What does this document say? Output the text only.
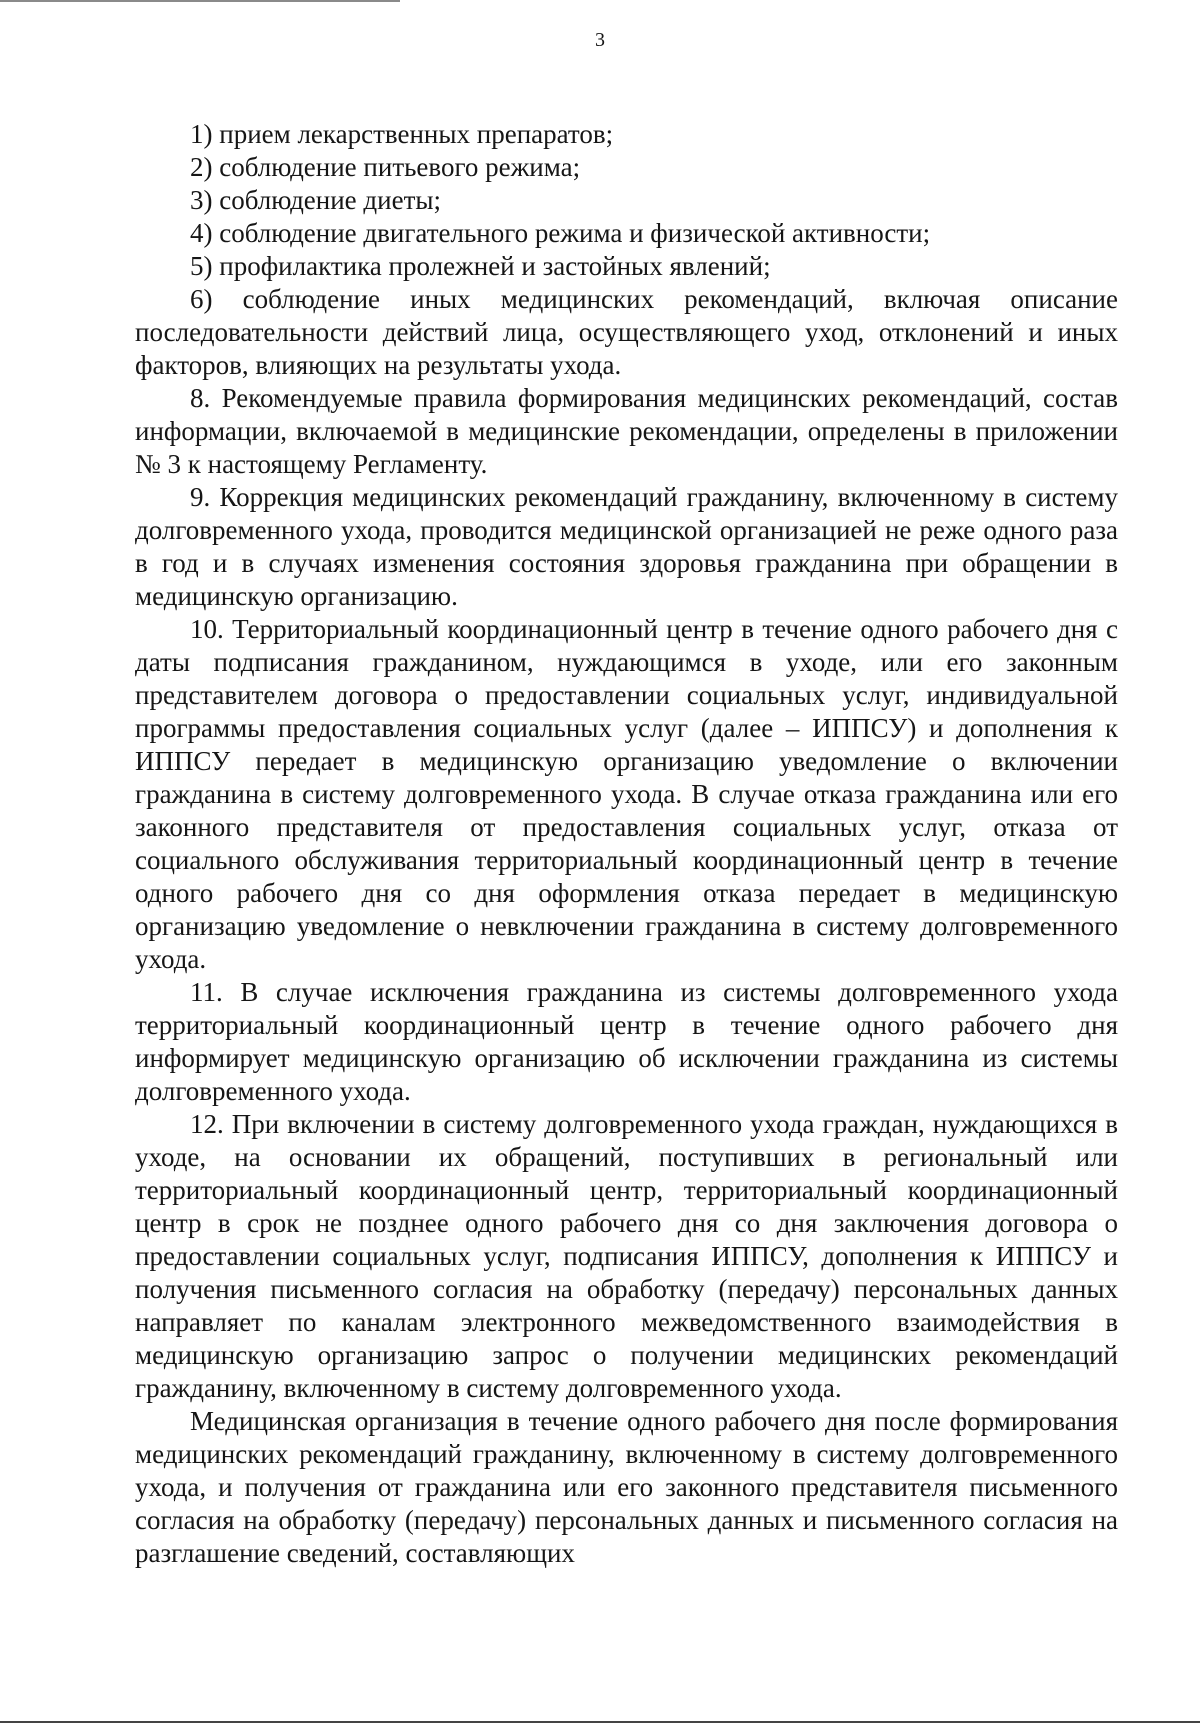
3

1) прием лекарственных препаратов;

2) соблюдение питьевого режима;

3) соблюдение диеты;

4) соблюдение двигательного режима и физической активности;

5) профилактика пролежней и застойных явлений;

6) соблюдение иных медицинских рекомендаций, включая описание последовательности действий лица, осуществляющего уход, отклонений и иных факторов, влияющих на результаты ухода.

8. Рекомендуемые правила формирования медицинских рекомендаций, состав информации, включаемой в медицинские рекомендации, определены в приложении № 3 к настоящему Регламенту.

9. Коррекция медицинских рекомендаций гражданину, включенному в систему долговременного ухода, проводится медицинской организацией не реже одного раза в год и в случаях изменения состояния здоровья гражданина при обращении в медицинскую организацию.

10. Территориальный координационный центр в течение одного рабочего дня с даты подписания гражданином, нуждающимся в уходе, или его законным представителем договора о предоставлении социальных услуг, индивидуальной программы предоставления социальных услуг (далее – ИППСУ) и дополнения к ИППСУ передает в медицинскую организацию уведомление о включении гражданина в систему долговременного ухода. В случае отказа гражданина или его законного представителя от предоставления социальных услуг, отказа от социального обслуживания территориальный координационный центр в течение одного рабочего дня со дня оформления отказа передает в медицинскую организацию уведомление о невключении гражданина в систему долговременного ухода.

11. В случае исключения гражданина из системы долговременного ухода территориальный координационный центр в течение одного рабочего дня информирует медицинскую организацию об исключении гражданина из системы долговременного ухода.

12. При включении в систему долговременного ухода граждан, нуждающихся в уходе, на основании их обращений, поступивших в региональный или территориальный координационный центр, территориальный координационный центр в срок не позднее одного рабочего дня со дня заключения договора о предоставлении социальных услуг, подписания ИППСУ, дополнения к ИППСУ и получения письменного согласия на обработку (передачу) персональных данных направляет по каналам электронного межведомственного взаимодействия в медицинскую организацию запрос о получении медицинских рекомендаций гражданину, включенному в систему долговременного ухода.

Медицинская организация в течение одного рабочего дня после формирования медицинских рекомендаций гражданину, включенному в систему долговременного ухода, и получения от гражданина или его законного представителя письменного согласия на обработку (передачу) персональных данных и письменного согласия на разглашение сведений, составляющих
